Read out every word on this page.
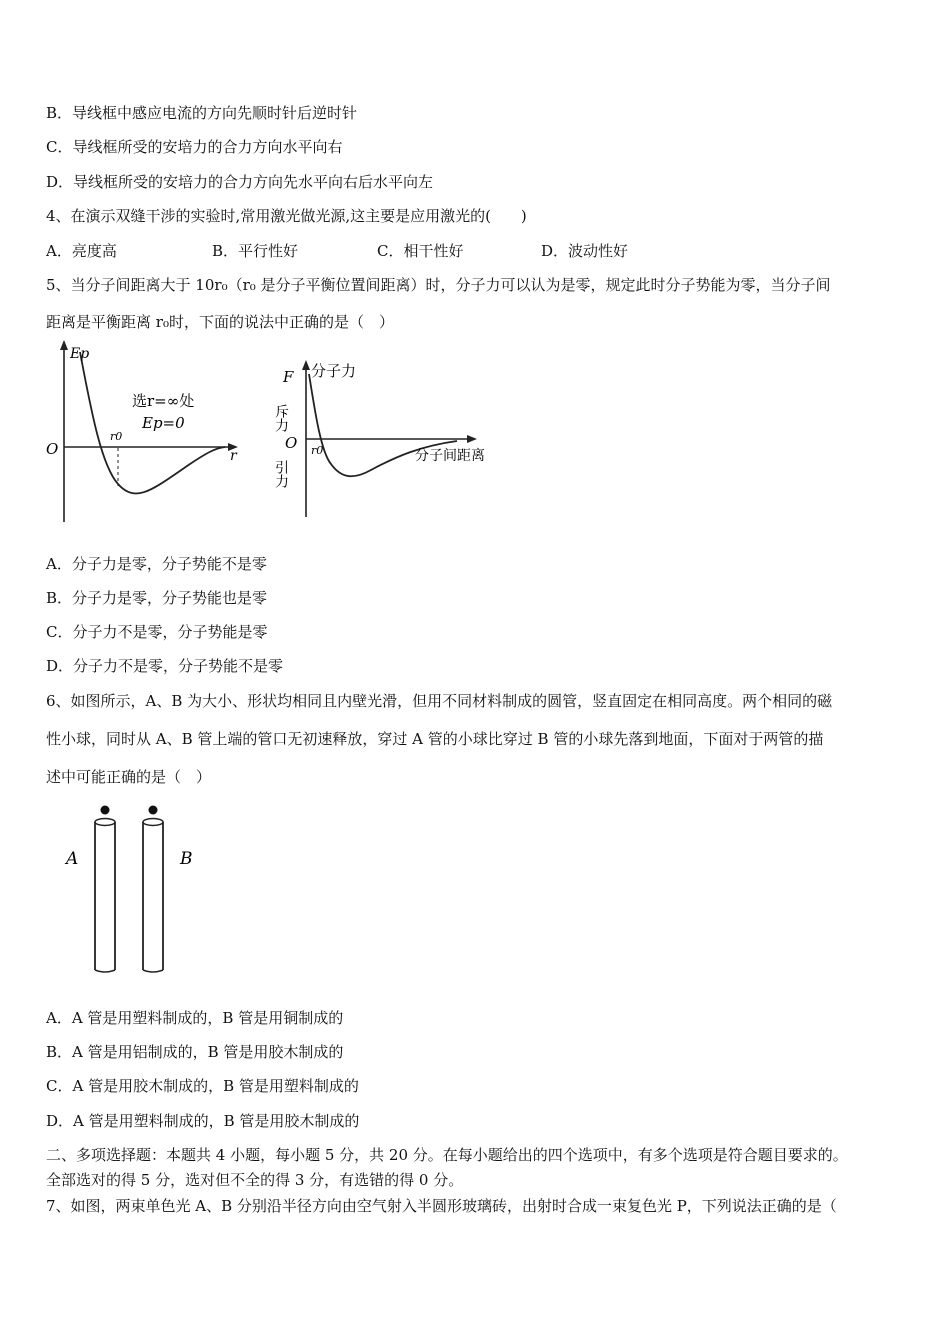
B．导线框中感应电流的方向先顺时针后逆时针
C．导线框所受的安培力的合力方向水平向右
D．导线框所受的安培力的合力方向先水平向右后水平向左
4、在演示双缝干涉的实验时,常用激光做光源,这主要是应用激光的(　　)
A．亮度高	B．平行性好	C．相干性好	D．波动性好
5、当分子间距离大于 10r₀（r₀ 是分子平衡位置间距离）时，分子力可以认为是零，规定此时分子势能为零，当分子间
距离是平衡距离 r₀时，下面的说法中正确的是（　）
Ep
O	r
r0
选r=∞处
Ep=0
F 分子力
斥力
O
引力
r0	分子间距离
A．分子力是零，分子势能不是零
B．分子力是零，分子势能也是零
C．分子力不是零，分子势能是零
D．分子力不是零，分子势能不是零
6、如图所示，A、B 为大小、形状均相同且内壁光滑，但用不同材料制成的圆管，竖直固定在相同高度。两个相同的磁
性小球，同时从 A、B 管上端的管口无初速释放，穿过 A 管的小球比穿过 B 管的小球先落到地面，下面对于两管的描
述中可能正确的是（　）
A	B
A．A 管是用塑料制成的，B 管是用铜制成的
B．A 管是用铝制成的，B 管是用胶木制成的
C．A 管是用胶木制成的，B 管是用塑料制成的
D．A 管是用塑料制成的，B 管是用胶木制成的
二、多项选择题：本题共 4 小题，每小题 5 分，共 20 分。在每小题给出的四个选项中，有多个选项是符合题目要求的。
全部选对的得 5 分，选对但不全的得 3 分，有选错的得 0 分。
7、如图，两束单色光 A、B 分别沿半径方向由空气射入半圆形玻璃砖，出射时合成一束复色光 P，下列说法正确的是（
